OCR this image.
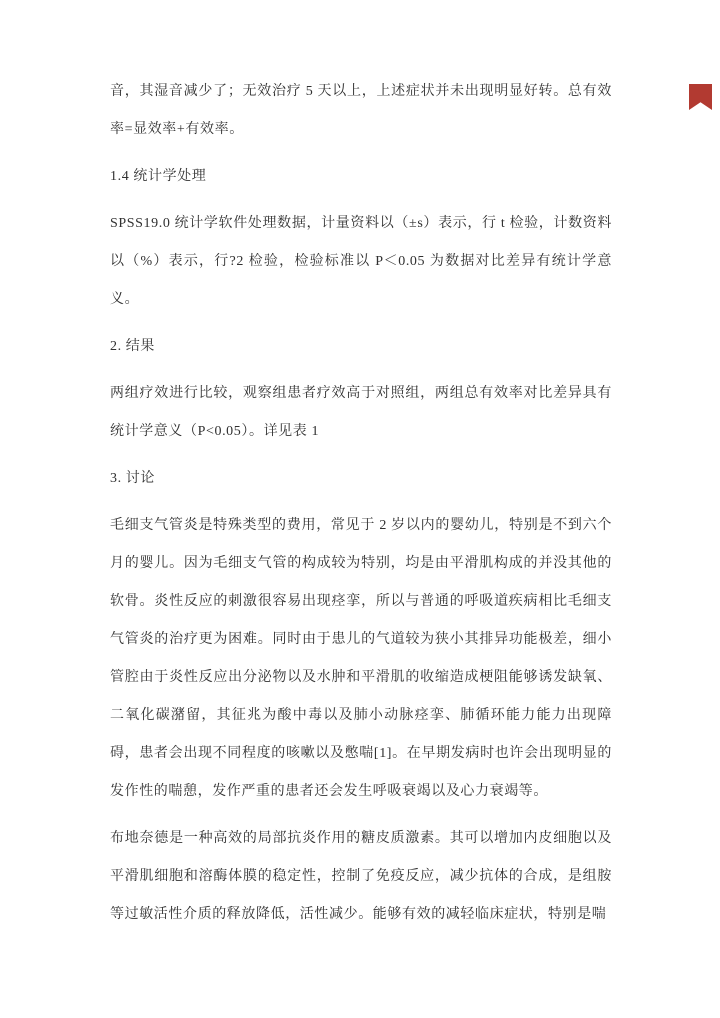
音，其湿音减少了；无效治疗 5 天以上，上述症状并未出现明显好转。总有效率=显效率+有效率。

1.4 统计学处理

SPSS19.0 统计学软件处理数据，计量资料以（±s）表示，行 t 检验，计数资料以（%）表示，行?2 检验，检验标准以 P＜0.05 为数据对比差异有统计学意义。

2. 结果

两组疗效进行比较，观察组患者疗效高于对照组，两组总有效率对比差异具有统计学意义（P<0.05）。详见表 1

3. 讨论

毛细支气管炎是特殊类型的费用，常见于 2 岁以内的婴幼儿，特别是不到六个月的婴儿。因为毛细支气管的构成较为特别，均是由平滑肌构成的并没其他的软骨。炎性反应的刺激很容易出现痉挛，所以与普通的呼吸道疾病相比毛细支气管炎的治疗更为困难。同时由于患儿的气道较为狭小其排异功能极差，细小管腔由于炎性反应出分泌物以及水肿和平滑肌的收缩造成梗阻能够诱发缺氧、二氧化碳潴留，其征兆为酸中毒以及肺小动脉痉挛、肺循环能力能力出现障碍，患者会出现不同程度的咳嗽以及憋喘[1]。在早期发病时也许会出现明显的发作性的喘憩，发作严重的患者还会发生呼吸衰竭以及心力衰竭等。

布地奈德是一种高效的局部抗炎作用的糖皮质激素。其可以增加内皮细胞以及平滑肌细胞和溶酶体膜的稳定性，控制了免疫反应，减少抗体的合成，是组胺等过敏活性介质的释放降低，活性减少。能够有效的减轻临床症状，特别是喘
